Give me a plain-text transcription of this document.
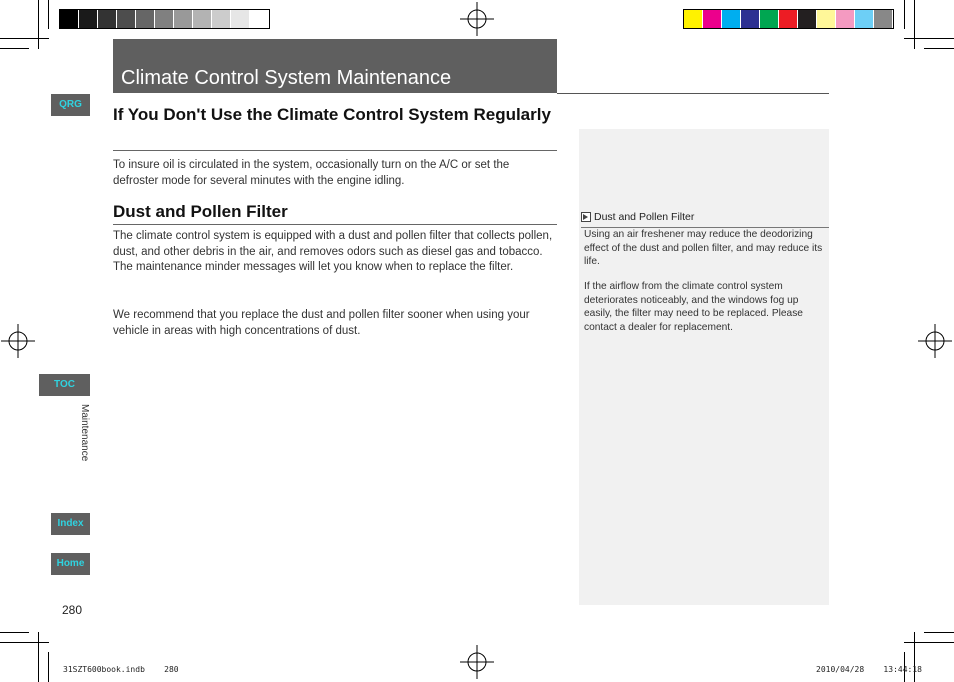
Climate Control System Maintenance
If You Don't Use the Climate Control System Regularly
To insure oil is circulated in the system, occasionally turn on the A/C or set the defroster mode for several minutes with the engine idling.
Dust and Pollen Filter
The climate control system is equipped with a dust and pollen filter that collects pollen, dust, and other debris in the air, and removes odors such as diesel gas and tobacco. The maintenance minder messages will let you know when to replace the filter.
We recommend that you replace the dust and pollen filter sooner when using your vehicle in areas with high concentrations of dust.
Dust and Pollen Filter
Using an air freshener may reduce the deodorizing effect of the dust and pollen filter, and may reduce its life.
If the airflow from the climate control system deteriorates noticeably, and the windows fog up easily, the filter may need to be replaced. Please contact a dealer for replacement.
QRG
TOC
Maintenance
Index
Home
280
31SZT600book.indb    280	2010/04/28    13:44:18
